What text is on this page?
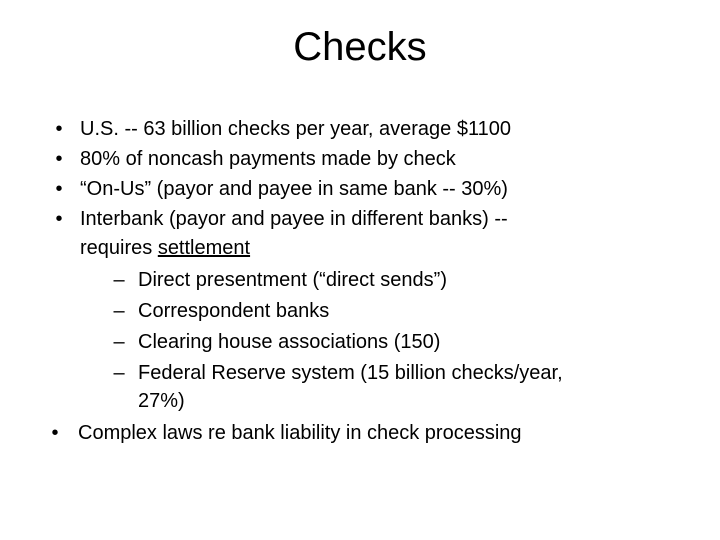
Checks
• U.S. -- 63 billion checks per year, average $1100
• 80% of noncash payments made by check
• “On-Us” (payor and payee in same bank -- 30%)
• Interbank (payor and payee in different banks) --
requires settlement
– Direct presentment (“direct sends”)
– Correspondent banks
– Clearing house associations (150)
– Federal Reserve system (15 billion checks/year,
27%)
• Complex laws re bank liability in check processing
